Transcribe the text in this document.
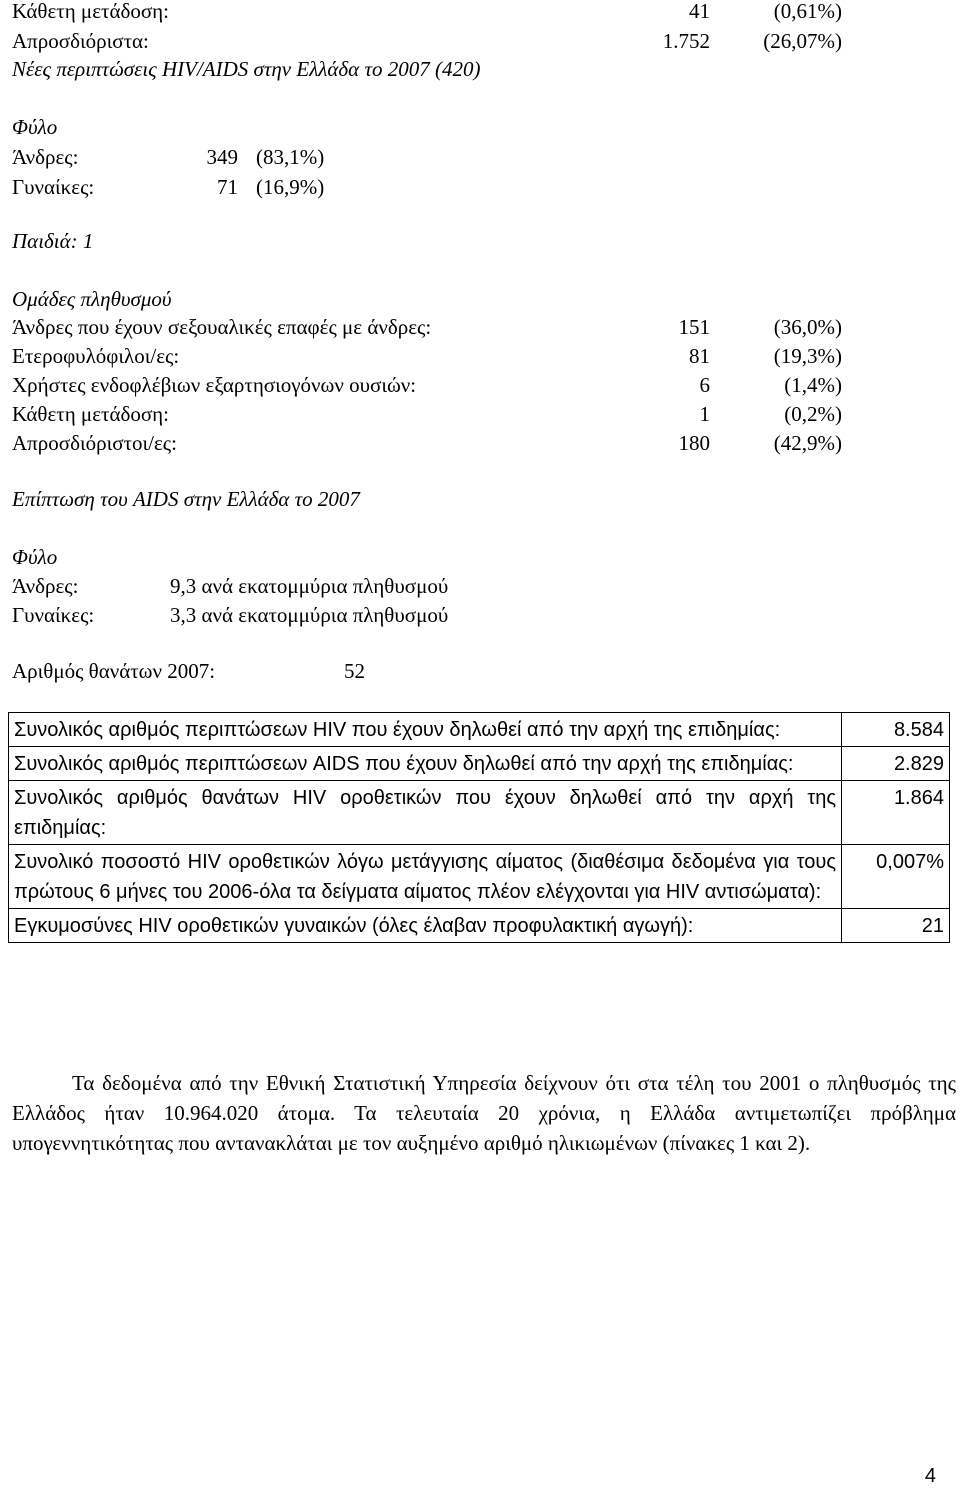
Κάθετη μετάδοση:	41	(0,61%)
Απροσδιόριστα:	1.752	(26,07%)
Νέες περιπτώσεις HIV/AIDS στην Ελλάδα το 2007 (420)
Φύλο
Άνδρες:	349 (83,1%)
Γυναίκες:	71 (16,9%)
Παιδιά: 1
Ομάδες πληθυσμού
Άνδρες που έχουν σεξουαλικές επαφές με άνδρες:	151	(36,0%)
Ετεροφυλόφιλοι/ες:	81	(19,3%)
Χρήστες ενδοφλέβιων εξαρτησιογόνων ουσιών:	6	(1,4%)
Κάθετη μετάδοση:	1	(0,2%)
Απροσδιόριστοι/ες:	180	(42,9%)
Επίπτωση του AIDS στην Ελλάδα το 2007
Φύλο
Άνδρες:	9,3 ανά εκατομμύρια πληθυσμού
Γυναίκες:	3,3 ανά εκατομμύρια πληθυσμού
Αριθμός θανάτων 2007:	52
Συνολικός αριθμός περιπτώσεων HIV που έχουν δηλωθεί από την αρχή της επιδημίας:	8.584
Συνολικός αριθμός περιπτώσεων AIDS που έχουν δηλωθεί από την αρχή της επιδημίας:	2.829
Συνολικός αριθμός θανάτων HIV οροθετικών που έχουν δηλωθεί από την αρχή της επιδημίας:	1.864
Συνολικό ποσοστό HIV οροθετικών λόγω μετάγγισης αίματος (διαθέσιμα δεδομένα για τους πρώτους 6 μήνες του 2006-όλα τα δείγματα αίματος πλέον ελέγχονται για HIV αντισώματα):	0,007%
Εγκυμοσύνες HIV οροθετικών γυναικών (όλες έλαβαν προφυλακτική αγωγή):	21
Τα δεδομένα από την Εθνική Στατιστική Υπηρεσία δείχνουν ότι στα τέλη του 2001 ο πληθυσμός της Ελλάδος ήταν 10.964.020 άτομα. Τα τελευταία 20 χρόνια, η Ελλάδα αντιμετωπίζει πρόβλημα υπογεννητικότητας που αντανακλάται με τον αυξημένο αριθμό ηλικιωμένων (πίνακες 1 και 2).
4
